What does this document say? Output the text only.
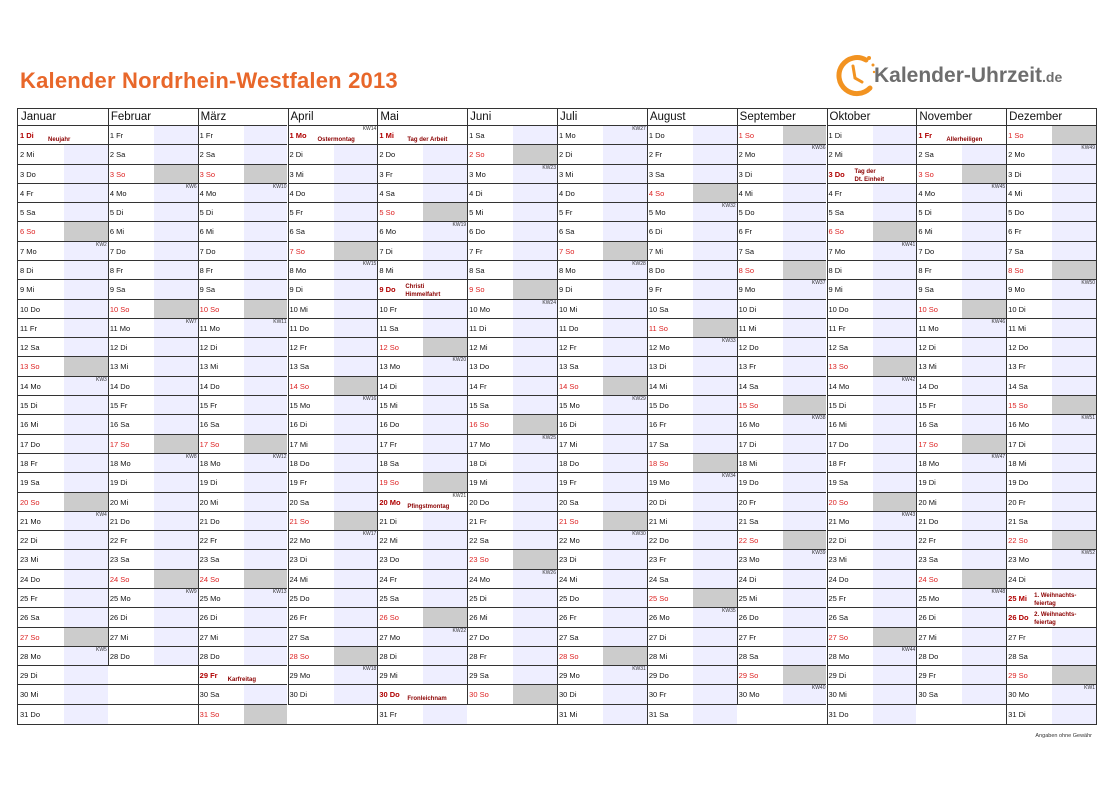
Kalender Nordrhein-Westfalen 2013	Kalender-Uhrzeit.de
Januar
1 Di Neujahr
2 Mi
3 Do
4 Fr
5 Sa
6 So
7 Mo
KW2
8 Di
9 Mi
10 Do
11 Fr
12 Sa
13 So
14 Mo
KW3
15 Di
16 Mi
17 Do
18 Fr
19 Sa
20 So
21 Mo
KW4
22 Di
23 Mi
24 Do
25 Fr
26 Sa
27 So
28 Mo
KW5
29 Di
30 Mi
31 Do
Februar
1 Fr
2 Sa
3 So
4 Mo
KW6
5 Di
6 Mi
7 Do
8 Fr
9 Sa
10 So
11 Mo
KW7
12 Di
13 Mi
14 Do
15 Fr
16 Sa
17 So
18 Mo
KW8
19 Di
20 Mi
21 Do
22 Fr
23 Sa
24 So
25 Mo
KW9
26 Di
27 Mi
28 Do
März
1 Fr
2 Sa
3 So
4 Mo
KW10
5 Di
6 Mi
7 Do
8 Fr
9 Sa
10 So
11 Mo
KW11
12 Di
13 Mi
14 Do
15 Fr
16 Sa
17 So
18 Mo
KW12
19 Di
20 Mi
21 Do
22 Fr
23 Sa
24 So
25 Mo
KW13
26 Di
27 Mi
28 Do
29 Fr Karfreitag
30 Sa
31 So
April
1 Mo Ostermontag
KW14
2 Di
3 Mi
4 Do
5 Fr
6 Sa
7 So
8 Mo
KW15
9 Di
10 Mi
11 Do
12 Fr
13 Sa
14 So
15 Mo
KW16
16 Di
17 Mi
18 Do
19 Fr
20 Sa
21 So
22 Mo
KW17
23 Di
24 Mi
25 Do
26 Fr
27 Sa
28 So
29 Mo
KW18
30 Di
Mai
1 Mi Tag der Arbeit
2 Do
3 Fr
4 Sa
5 So
6 Mo
KW19
7 Di
8 Mi
9 Do Christi
Himmelfahrt
10 Fr
11 Sa
12 So
13 Mo
KW20
14 Di
15 Mi
16 Do
17 Fr
18 Sa
19 So
20 Mo Pfingstmontag
KW21
21 Di
22 Mi
23 Do
24 Fr
25 Sa
26 So
27 Mo
KW22
28 Di
29 Mi
30 Do Fronleichnam
31 Fr
Juni
1 Sa
2 So
3 Mo
KW23
4 Di
5 Mi
6 Do
7 Fr
8 Sa
9 So
10 Mo
KW24
11 Di
12 Mi
13 Do
14 Fr
15 Sa
16 So
17 Mo
KW25
18 Di
19 Mi
20 Do
21 Fr
22 Sa
23 So
24 Mo
KW26
25 Di
26 Mi
27 Do
28 Fr
29 Sa
30 So
Juli
1 Mo
KW27
2 Di
3 Mi
4 Do
5 Fr
6 Sa
7 So
8 Mo
KW28
9 Di
10 Mi
11 Do
12 Fr
13 Sa
14 So
15 Mo
KW29
16 Di
17 Mi
18 Do
19 Fr
20 Sa
21 So
22 Mo
KW30
23 Di
24 Mi
25 Do
26 Fr
27 Sa
28 So
29 Mo
KW31
30 Di
31 Mi
August
1 Do
2 Fr
3 Sa
4 So
5 Mo
KW32
6 Di
7 Mi
8 Do
9 Fr
10 Sa
11 So
12 Mo
KW33
13 Di
14 Mi
15 Do
16 Fr
17 Sa
18 So
19 Mo
KW34
20 Di
21 Mi
22 Do
23 Fr
24 Sa
25 So
26 Mo
KW35
27 Di
28 Mi
29 Do
30 Fr
31 Sa
September
1 So
2 Mo
KW36
3 Di
4 Mi
5 Do
6 Fr
7 Sa
8 So
9 Mo
KW37
10 Di
11 Mi
12 Do
13 Fr
14 Sa
15 So
16 Mo
KW38
17 Di
18 Mi
19 Do
20 Fr
21 Sa
22 So
23 Mo
KW39
24 Di
25 Mi
26 Do
27 Fr
28 Sa
29 So
30 Mo
KW40
Oktober
1 Di
2 Mi
3 Do Tag der
Dt. Einheit
4 Fr
5 Sa
6 So
7 Mo
KW41
8 Di
9 Mi
10 Do
11 Fr
12 Sa
13 So
14 Mo
KW42
15 Di
16 Mi
17 Do
18 Fr
19 Sa
20 So
21 Mo
KW43
22 Di
23 Mi
24 Do
25 Fr
26 Sa
27 So
28 Mo
KW44
29 Di
30 Mi
31 Do
November
1 Fr Allerheiligen
2 Sa
3 So
4 Mo
KW45
5 Di
6 Mi
7 Do
8 Fr
9 Sa
10 So
11 Mo
KW46
12 Di
13 Mi
14 Do
15 Fr
16 Sa
17 So
18 Mo
KW47
19 Di
20 Mi
21 Do
22 Fr
23 Sa
24 So
25 Mo
KW48
26 Di
27 Mi
28 Do
29 Fr
30 Sa
Dezember
1 So
2 Mo
KW49
3 Di
4 Mi
5 Do
6 Fr
7 Sa
8 So
9 Mo
KW50
10 Di
11 Mi
12 Do
13 Fr
14 Sa
15 So
16 Mo
KW51
17 Di
18 Mi
19 Do
20 Fr
21 Sa
22 So
23 Mo
KW52
24 Di
25 Mi 1. Weihnachts-
feiertag
26 Do 2. Weihnachts-
feiertag
27 Fr
28 Sa
29 So
30 Mo
KW1
31 Di
Angaben ohne Gewähr
